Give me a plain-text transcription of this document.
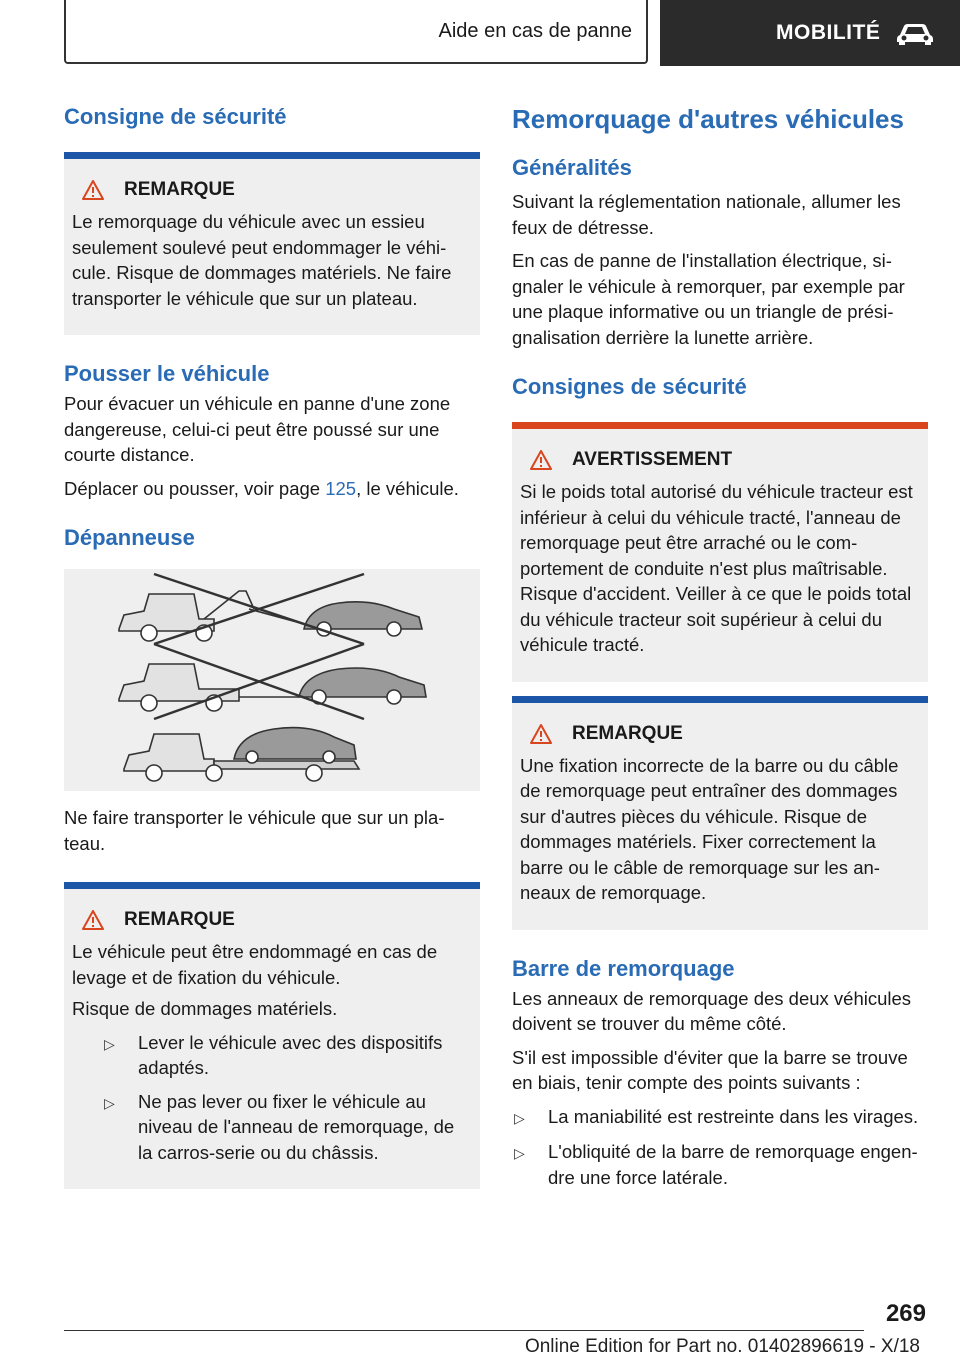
Aide en cas de panne	MOBILITÉ
Consigne de sécurité
REMARQUE

Le remorquage du véhicule avec un essieu seulement soulevé peut endommager le véhi-cule. Risque de dommages matériels. Ne faire transporter le véhicule que sur un plateau.

Pousser le véhicule

Pour évacuer un véhicule en panne d'une zone dangereuse, celui-ci peut être poussé sur une courte distance.

Déplacer ou pousser, voir page 125, le véhicule.

Dépanneuse

Ne faire transporter le véhicule que sur un pla-teau.

REMARQUE

Le véhicule peut être endommagé en cas de levage et de fixation du véhicule.

Risque de dommages matériels.

▷	Lever le véhicule avec des dispositifs adaptés.
▷	Ne pas lever ou fixer le véhicule au niveau de l'anneau de remorquage, de la carros-serie ou du châssis.
Remorquage d'autres véhicules
Généralités

Suivant la réglementation nationale, allumer les feux de détresse.

En cas de panne de l'installation électrique, si-gnaler le véhicule à remorquer, par exemple par une plaque informative ou un triangle de prési-gnalisation derrière la lunette arrière.

Consignes de sécurité
AVERTISSEMENT

Si le poids total autorisé du véhicule tracteur est inférieur à celui du véhicule tracté, l'anneau de remorquage peut être arraché ou le com-portement de conduite n'est plus maîtrisable. Risque d'accident. Veiller à ce que le poids total du véhicule tracteur soit supérieur à celui du véhicule tracté.

REMARQUE

Une fixation incorrecte de la barre ou du câble de remorquage peut entraîner des dommages sur d'autres pièces du véhicule. Risque de dommages matériels. Fixer correctement la barre ou le câble de remorquage sur les an-neaux de remorquage.

Barre de remorquage

Les anneaux de remorquage des deux véhicules doivent se trouver du même côté.

S'il est impossible d'éviter que la barre se trouve en biais, tenir compte des points suivants :

▷	La maniabilité est restreinte dans les virages.
▷	L'obliquité de la barre de remorquage engen-dre une force latérale.
269
Online Edition for Part no. 01402896619 - X/18
